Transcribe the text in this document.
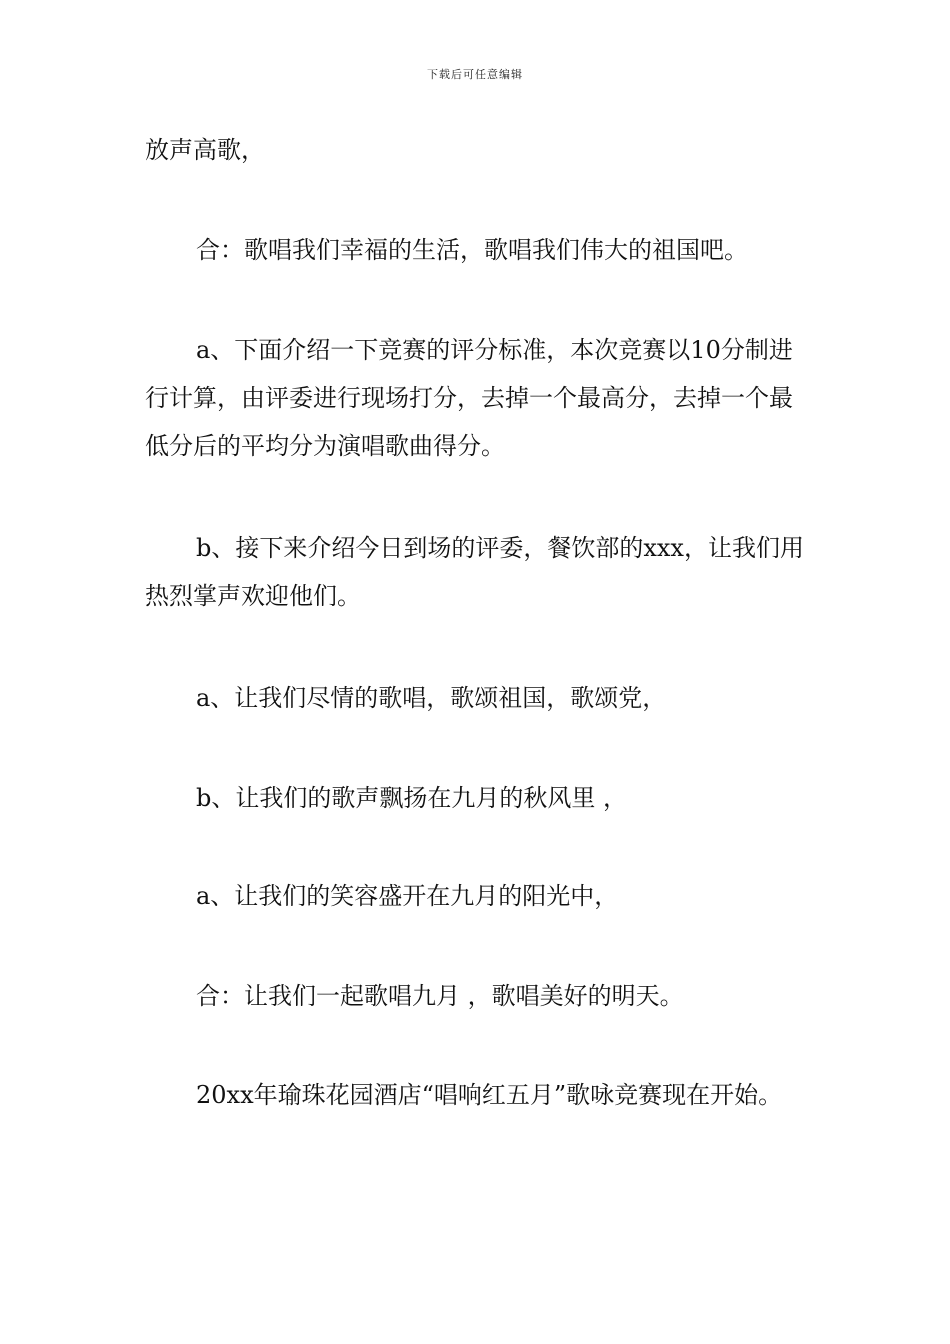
下载后可任意编辑
放声高歌，
合：歌唱我们幸福的生活，歌唱我们伟大的祖国吧。
a、下面介绍一下竞赛的评分标准，本次竞赛以10分制进行计算，由评委进行现场打分，去掉一个最高分，去掉一个最低分后的平均分为演唱歌曲得分。
b、接下来介绍今日到场的评委，餐饮部的xxx，让我们用热烈掌声欢迎他们。
a、让我们尽情的歌唱，歌颂祖国，歌颂党，
b、让我们的歌声飘扬在九月的秋风里 ，
a、让我们的笑容盛开在九月的阳光中，
合：让我们一起歌唱九月 ，歌唱美好的明天。
20xx年瑜珠花园酒店“唱响红五月”歌咏竞赛现在开始。
